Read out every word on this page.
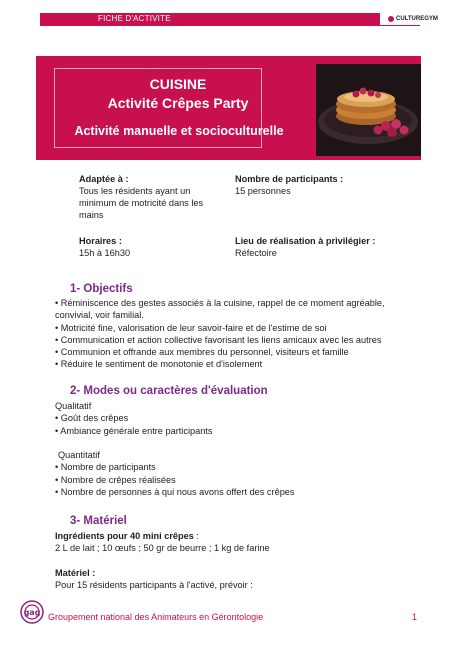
FICHE D'ACTIVITE	CULTUREGYM
CUISINE
Activité Crêpes Party
Activité manuelle et socioculturelle
Adaptée à :
Tous les résidents ayant un
minimum de motricité dans les
mains
Nombre de participants :
15 personnes
Horaires :
15h à 16h30
Lieu de réalisation à privilégier :
Réfectoire
1- Objectifs
• Réminiscence des gestes associés à la cuisine, rappel de ce moment agréable,
convivial, voir familial.
• Motricité fine, valorisation de leur savoir-faire et de l'estime de soi
• Communication et action collective favorisant les liens amicaux avec les autres
• Communion et offrande aux membres du personnel, visiteurs et famille
• Réduire le sentiment de monotonie et d'isolement
2- Modes ou caractères d'évaluation
Qualitatif
• Goût des crêpes
• Ambiance générale entre participants
Quantitatif
• Nombre de participants
• Nombre de crêpes réalisées
• Nombre de personnes à qui nous avons offert des crêpes
3- Matériel
Ingrédients pour 40 mini crêpes :
2 L de lait ; 10 œufs ; 50 gr de beurre ; 1 kg de farine
Matériel :
Pour 15 résidents participants à l'activé, prévoir :
gag Groupement national des Animateurs en Gérontologie	1
